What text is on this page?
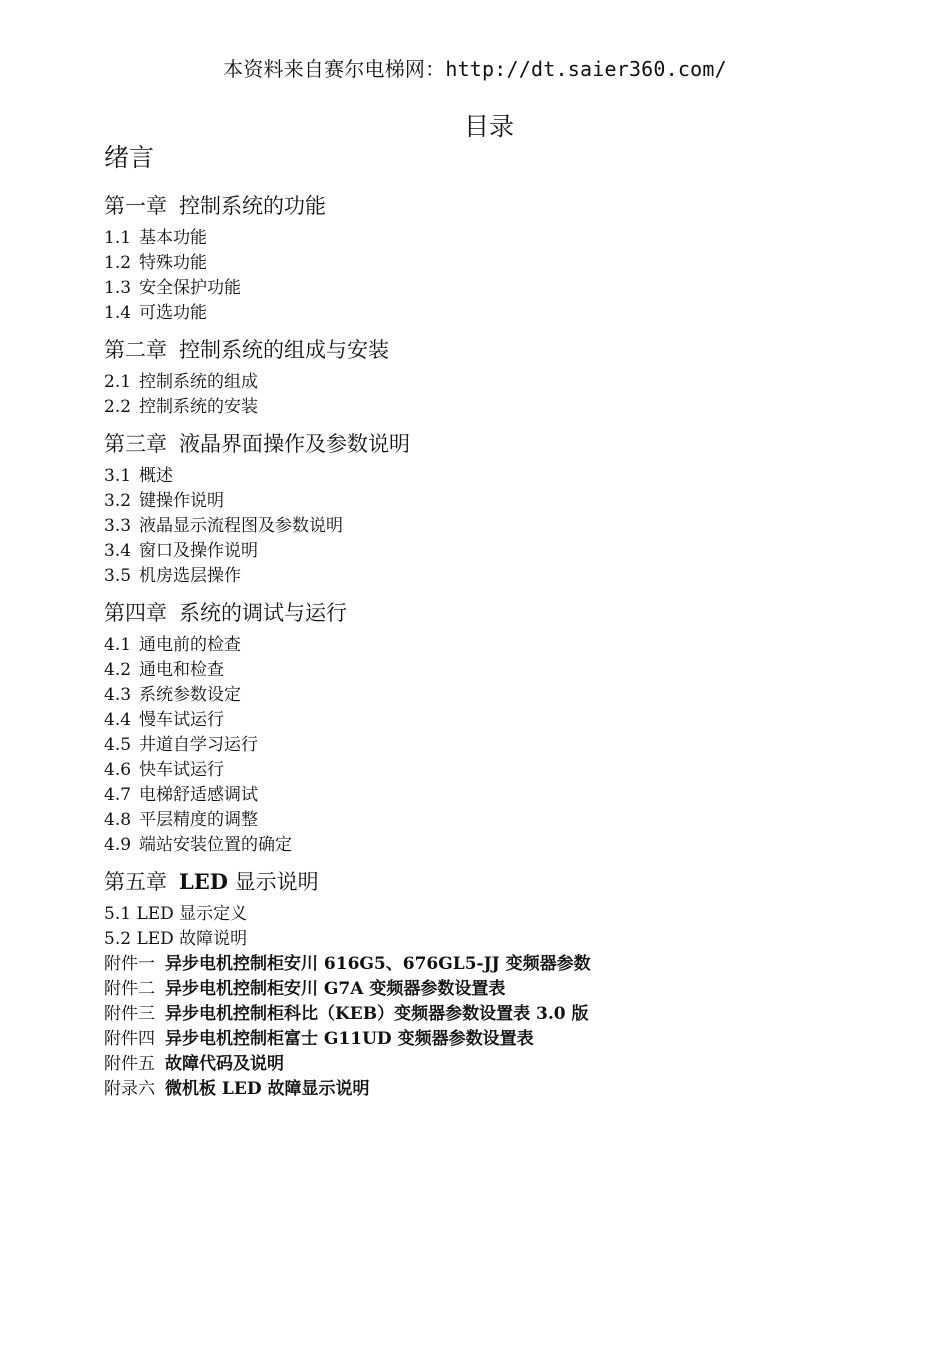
本资料来自赛尔电梯网：http://dt.saier360.com/
目录
绪言
第一章 控制系统的功能
1.1 基本功能
1.2 特殊功能
1.3 安全保护功能
1.4 可选功能
第二章 控制系统的组成与安装
2.1 控制系统的组成
2.2 控制系统的安装
第三章 液晶界面操作及参数说明
3.1 概述
3.2 键操作说明
3.3 液晶显示流程图及参数说明
3.4 窗口及操作说明
3.5 机房选层操作
第四章 系统的调试与运行
4.1 通电前的检查
4.2 通电和检查
4.3 系统参数设定
4.4 慢车试运行
4.5 井道自学习运行
4.6 快车试运行
4.7 电梯舒适感调试
4.8 平层精度的调整
4.9 端站安装位置的确定
第五章 LED 显示说明
5.1 LED 显示定义
5.2 LED 故障说明
附件一 异步电机控制柜安川 616G5、676GL5-JJ 变频器参数
附件二 异步电机控制柜安川 G7A 变频器参数设置表
附件三 异步电机控制柜科比（KEB）变频器参数设置表 3.0 版
附件四 异步电机控制柜富士 G11UD 变频器参数设置表
附件五 故障代码及说明
附录六 微机板 LED 故障显示说明
